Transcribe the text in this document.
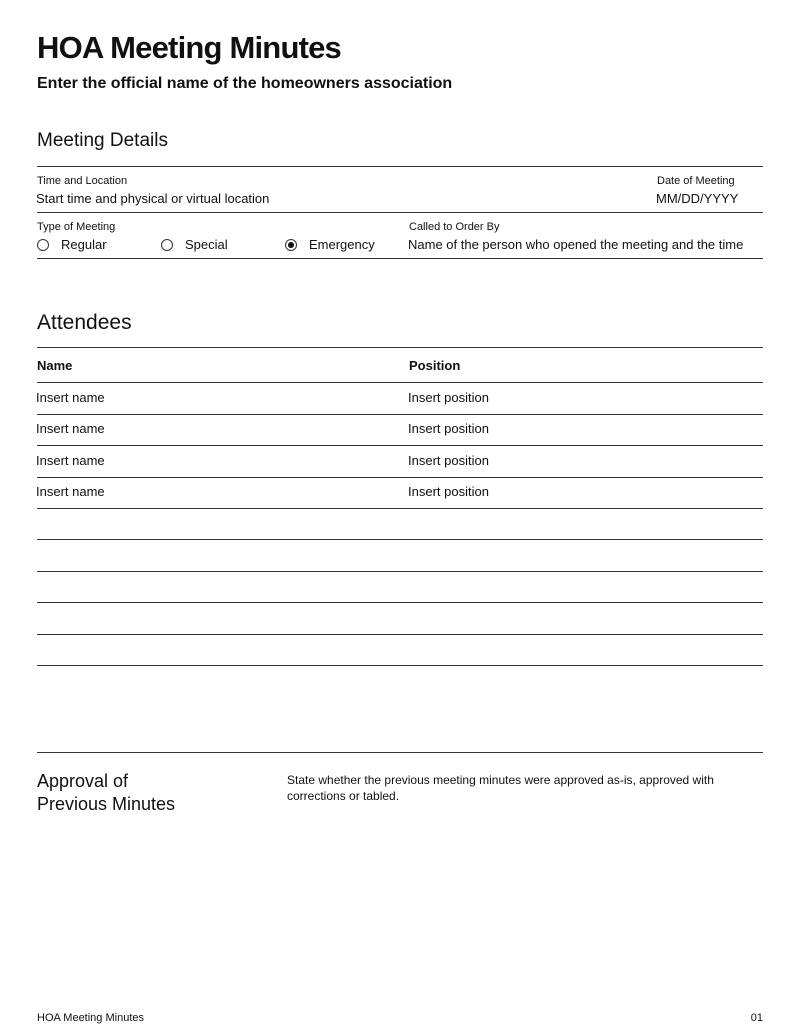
HOA Meeting Minutes

Enter the official name of the homeowners association

Meeting Details
Time and Location
Start time and physical or virtual location
Date of Meeting
MM/DD/YYYY
Type of Meeting
Regular	Special	Emergency
Called to Order By
Name of the person who opened the meeting and the time
Attendees
Name	Position
Insert name	Insert position
Insert name	Insert position
Insert name	Insert position
Insert name	Insert position
Approval of
Previous Minutes
State whether the previous meeting minutes were approved as-is, approved with corrections or tabled.
HOA Meeting Minutes	01
